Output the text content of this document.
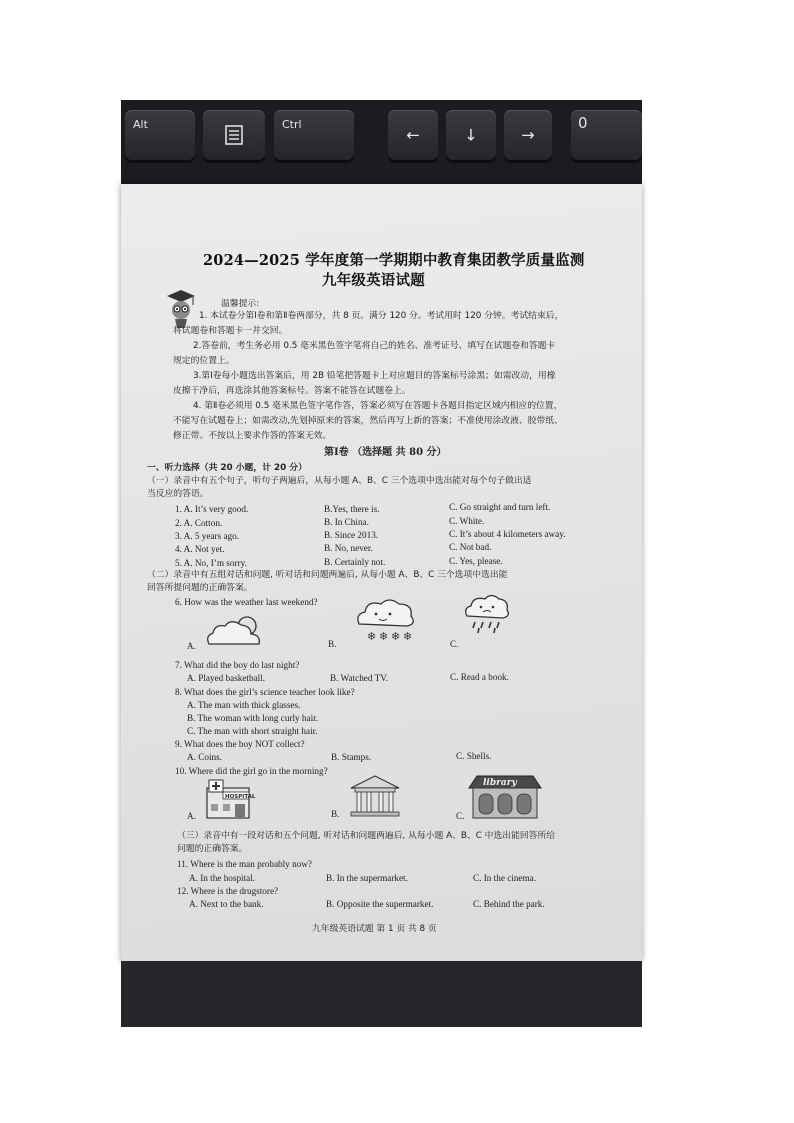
Alt	Ctrl
←	↓	→
0
2024—2025 学年度第一学期期中教育集团教学质量监测
九年级英语试题
温馨提示:
1. 本试卷分第Ⅰ卷和第Ⅱ卷两部分，共 8 页。满分 120 分。考试用时 120 分钟。考试结束后，
将试题卷和答题卡一并交回。
2.答卷前，考生务必用 0.5 毫米黑色签字笔将自己的姓名、准考证号、填写在试题卷和答题卡
规定的位置上。
3.第Ⅰ卷每小题选出答案后，用 2B 铅笔把答题卡上对应题目的答案标号涂黑；如需改动，用橡
皮擦干净后，再选涂其他答案标号。答案不能答在试题卷上。
4. 第Ⅱ卷必须用 0.5 毫米黑色签字笔作答，答案必须写在答题卡各题目指定区域内相应的位置，
不能写在试题卷上；如需改动,先划掉原来的答案，然后再写上新的答案；不准使用涂改液、胶带纸、
修正带。不按以上要求作答的答案无效。
第Ⅰ卷 （选择题 共 80 分）
一、听力选择（共 20 小题，计 20 分）
（一）录音中有五个句子，听句子两遍后，从每小题 A、B、C 三个选项中选出能对每个句子做出适
当反应的答语。
1. A. It’s very good.	B.Yes, there is.	C. Go straight and turn left.
2. A. Cotton.	B. In China.	C. White.
3. A. 5 years ago.	B. Since 2013.	C. It’s about 4 kilometers away.
4. A. Not yet.	B. No, never.	C. Not bad.
5. A. No, I’m sorry.	B. Certainly not.	C. Yes, please.
（二）录音中有五组对话和问题, 听对话和问题两遍后, 从每小题 A、B、C 三个选项中选出能
回答所提问题的正确答案。
6. How was the weather last weekend?
A.	B.
❄ ❄ ❄ ❄
C.
7. What did the boy do last night?
A. Played basketball.	B. Watched TV.	C. Read a book.
8. What does the girl’s science teacher look like?
A. The man with thick glasses.
B. The woman with long curly hair.
C. The man with short straight hair.
9. What does the boy NOT collect?
A. Coins.	B. Stamps.	C. Shells.
10. Where did the girl go in the morning?
A.
HOSPITAL
B.	C.
library
（三）录音中有一段对话和五个问题, 听对话和问题两遍后, 从每小题 A、B、C 中选出能回答所给
问题的正确答案。
11. Where is the man probably now?
A. In the hospital.	B. In the supermarket.	C. In the cinema.
12. Where is the drugstore?
A. Next to the bank.	B. Opposite the supermarket.	C. Behind the park.
九年级英语试题 第 1 页 共 8 页
